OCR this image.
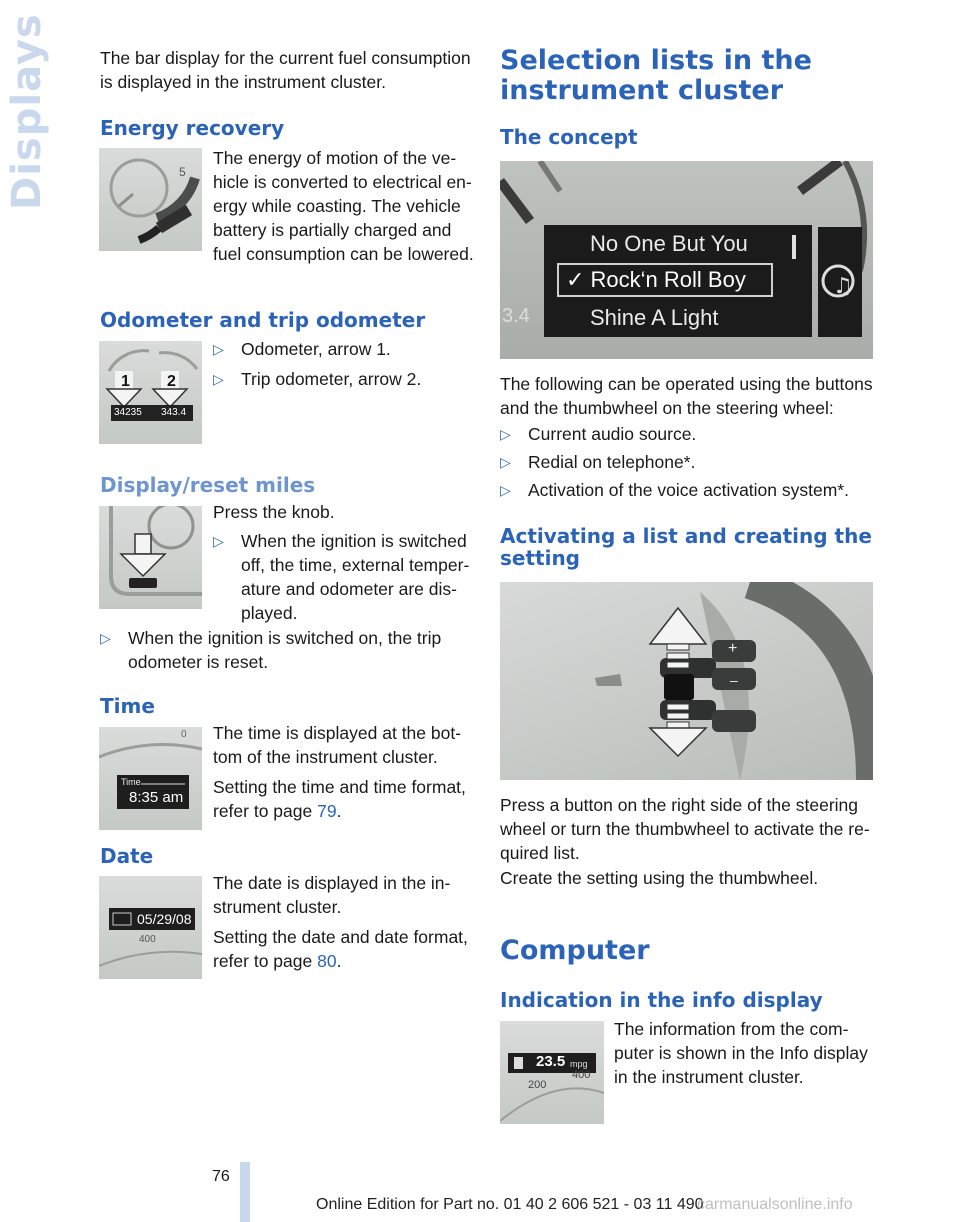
Displays	The bar display for the current fuel consumption is displayed in the instrument cluster.
Energy recovery
5
The energy of motion of the vehicle is converted to electrical energy while coasting. The vehicle battery is partially charged and fuel consumption can be lowered.
Odometer and trip odometer
1 2
34235 343.4
▷ Odometer, arrow 1.
▷ Trip odometer, arrow 2.
Display/reset miles
Press the knob.
▷ When the ignition is switched off, the time, external temperature and odometer are displayed.
▷ When the ignition is switched on, the trip odometer is reset.
Time
0
Time
8:35 am
The time is displayed at the bottom of the instrument cluster.
Setting the time and time format, refer to page 79.
Date
05/29/08
400
The date is displayed in the instrument cluster.
Setting the date and date format, refer to page 80.
Selection lists in the instrument cluster
The concept
♫
No One But You
✓ Rock‘n Roll Boy
Shine A Light
3.4
The following can be operated using the buttons and the thumbwheel on the steering wheel:
▷ Current audio source.
▷ Redial on telephone*.
▷ Activation of the voice activation system*.
Activating a list and creating the setting
+
–
Press a button on the right side of the steering wheel or turn the thumbwheel to activate the required list.
Create the setting using the thumbwheel.
Computer
Indication in the info display
23.5 mpg
200
400
The information from the computer is shown in the Info display in the instrument cluster.
76
Online Edition for Part no. 01 40 2 606 521 - 03 11 490
carmanualsonline.info
